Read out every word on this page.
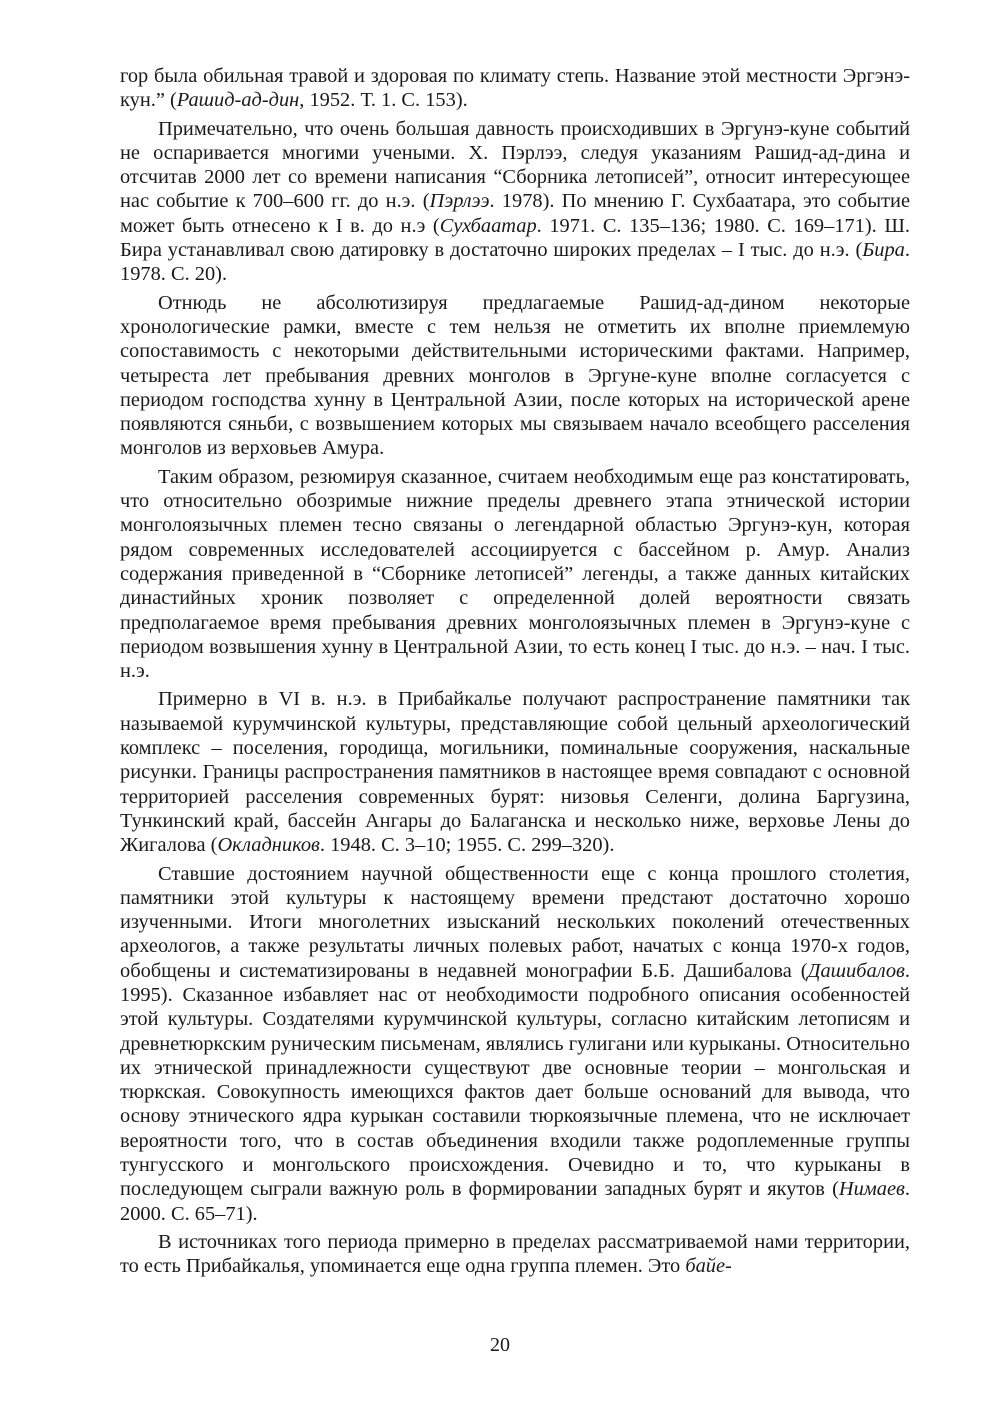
гор была обильная травой и здоровая по климату степь. Название этой местности Эргэнэ-кун.” (Рашид-ад-дин, 1952. Т. 1. С. 153).

Примечательно, что очень большая давность происходивших в Эргунэ-куне событий не оспаривается многими учеными. Х. Пэрлээ, следуя указаниям Рашид-ад-дина и отсчитав 2000 лет со времени написания “Сборника летописей”, относит интересующее нас событие к 700–600 гг. до н.э. (Пэрлээ. 1978). По мнению Г. Сухбаатара, это событие может быть отнесено к I в. до н.э (Сухбаатар. 1971. С. 135–136; 1980. С. 169–171). Ш. Бира устанавливал свою датировку в достаточно широких пределах – I тыс. до н.э. (Бира. 1978. С. 20).

Отнюдь не абсолютизируя предлагаемые Рашид-ад-дином некоторые хронологические рамки, вместе с тем нельзя не отметить их вполне приемлемую сопоставимость с некоторыми действительными историческими фактами. Например, четыреста лет пребывания древних монголов в Эргуне-куне вполне согласуется с периодом господства хунну в Центральной Азии, после которых на исторической арене появляются сяньби, с возвышением которых мы связываем начало всеобщего расселения монголов из верховьев Амура.

Таким образом, резюмируя сказанное, считаем необходимым еще раз констатировать, что относительно обозримые нижние пределы древнего этапа этнической истории монголоязычных племен тесно связаны о легендарной областью Эргунэ-кун, которая рядом современных исследователей ассоциируется с бассейном р. Амур. Анализ содержания приведенной в “Сборнике летописей” легенды, а также данных китайских династийных хроник позволяет с определенной долей вероятности связать предполагаемое время пребывания древних монголоязычных племен в Эргунэ-куне с периодом возвышения хунну в Центральной Азии, то есть конец I тыс. до н.э. – нач. I тыс. н.э.

Примерно в VI в. н.э. в Прибайкалье получают распространение памятники так называемой курумчинской культуры, представляющие собой цельный археологический комплекс – поселения, городища, могильники, поминальные сооружения, наскальные рисунки. Границы распространения памятников в настоящее время совпадают с основной территорией расселения современных бурят: низовья Селенги, долина Баргузина, Тункинский край, бассейн Ангары до Балаганска и несколько ниже, верховье Лены до Жигалова (Окладников. 1948. С. 3–10; 1955. С. 299–320).

Ставшие достоянием научной общественности еще с конца прошлого столетия, памятники этой культуры к настоящему времени предстают достаточно хорошо изученными. Итоги многолетних изысканий нескольких поколений отечественных археологов, а также результаты личных полевых работ, начатых с конца 1970-х годов, обобщены и систематизированы в недавней монографии Б.Б. Дашибалова (Дашибалов. 1995). Сказанное избавляет нас от необходимости подробного описания особенностей этой культуры. Создателями курумчинской культуры, согласно китайским летописям и древнетюркским руническим письменам, являлись гулигани или курыканы. Относительно их этнической принадлежности существуют две основные теории – монгольская и тюркская. Совокупность имеющихся фактов дает больше оснований для вывода, что основу этнического ядра курыкан составили тюркоязычные племена, что не исключает вероятности того, что в состав объединения входили также родоплеменные группы тунгусского и монгольского происхождения. Очевидно и то, что курыканы в последующем сыграли важную роль в формировании западных бурят и якутов (Нимаев. 2000. С. 65–71).

В источниках того периода примерно в пределах рассматриваемой нами территории, то есть Прибайкалья, упоминается еще одна группа племен. Это байе-

20
